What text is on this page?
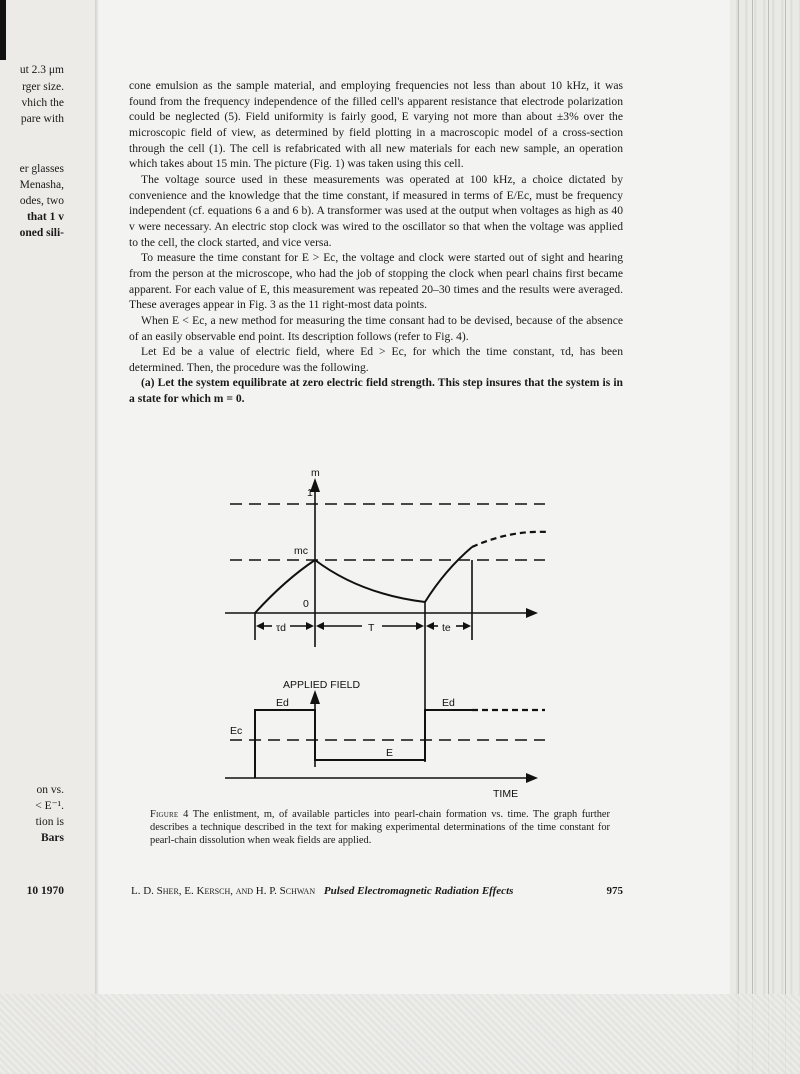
ut 2.3 μm
rger size.
vhich the
pare with
er glasses
Menasha,
odes, two
that 1 v
oned sili-
on vs.
< E⁻¹.
tion is
Bars
10 1970

cone emulsion as the sample material, and employing frequencies not less than about 10 kHz, it was found from the frequency independence of the filled cell's apparent resistance that electrode polarization could be neglected (5). Field uniformity is fairly good, E varying not more than about ±3% over the microscopic field of view, as determined by field plotting in a macroscopic model of a cross-section through the cell (1). The cell is refabricated with all new materials for each new sample, an operation which takes about 15 min. The picture (Fig. 1) was taken using this cell.

The voltage source used in these measurements was operated at 100 kHz, a choice dictated by convenience and the knowledge that the time constant, if measured in terms of E/Ec, must be frequency independent (cf. equations 6 a and 6 b). A transformer was used at the output when voltages as high as 40 v were necessary. An electric stop clock was wired to the oscillator so that when the voltage was applied to the cell, the clock started, and vice versa.

To measure the time constant for E > Ec, the voltage and clock were started out of sight and hearing from the person at the microscope, who had the job of stopping the clock when pearl chains first became apparent. For each value of E, this measurement was repeated 20–30 times and the results were averaged. These averages appear in Fig. 3 as the 11 right-most data points.

When E < Ec, a new method for measuring the time consant had to be devised, because of the absence of an easily observable end point. Its description follows (refer to Fig. 4).

Let Ed be a value of electric field, where Ed > Ec, for which the time constant, τd, has been determined. Then, the procedure was the following.

(a) Let the system equilibrate at zero electric field strength. This step insures that the system is in a state for which m = 0.

m
1
mc
0
τd	T	te
APPLIED FIELD
Ed	Ed
Ec
E
TIME
Figure 4 The enlistment, m, of available particles into pearl-chain formation vs. time. The graph further describes a technique described in the text for making experimental determinations of the time constant for pearl-chain dissolution when weak fields are applied.
L. D. Sher, E. Kersch, and H. P. Schwan Pulsed Electromagnetic Radiation Effects	975
